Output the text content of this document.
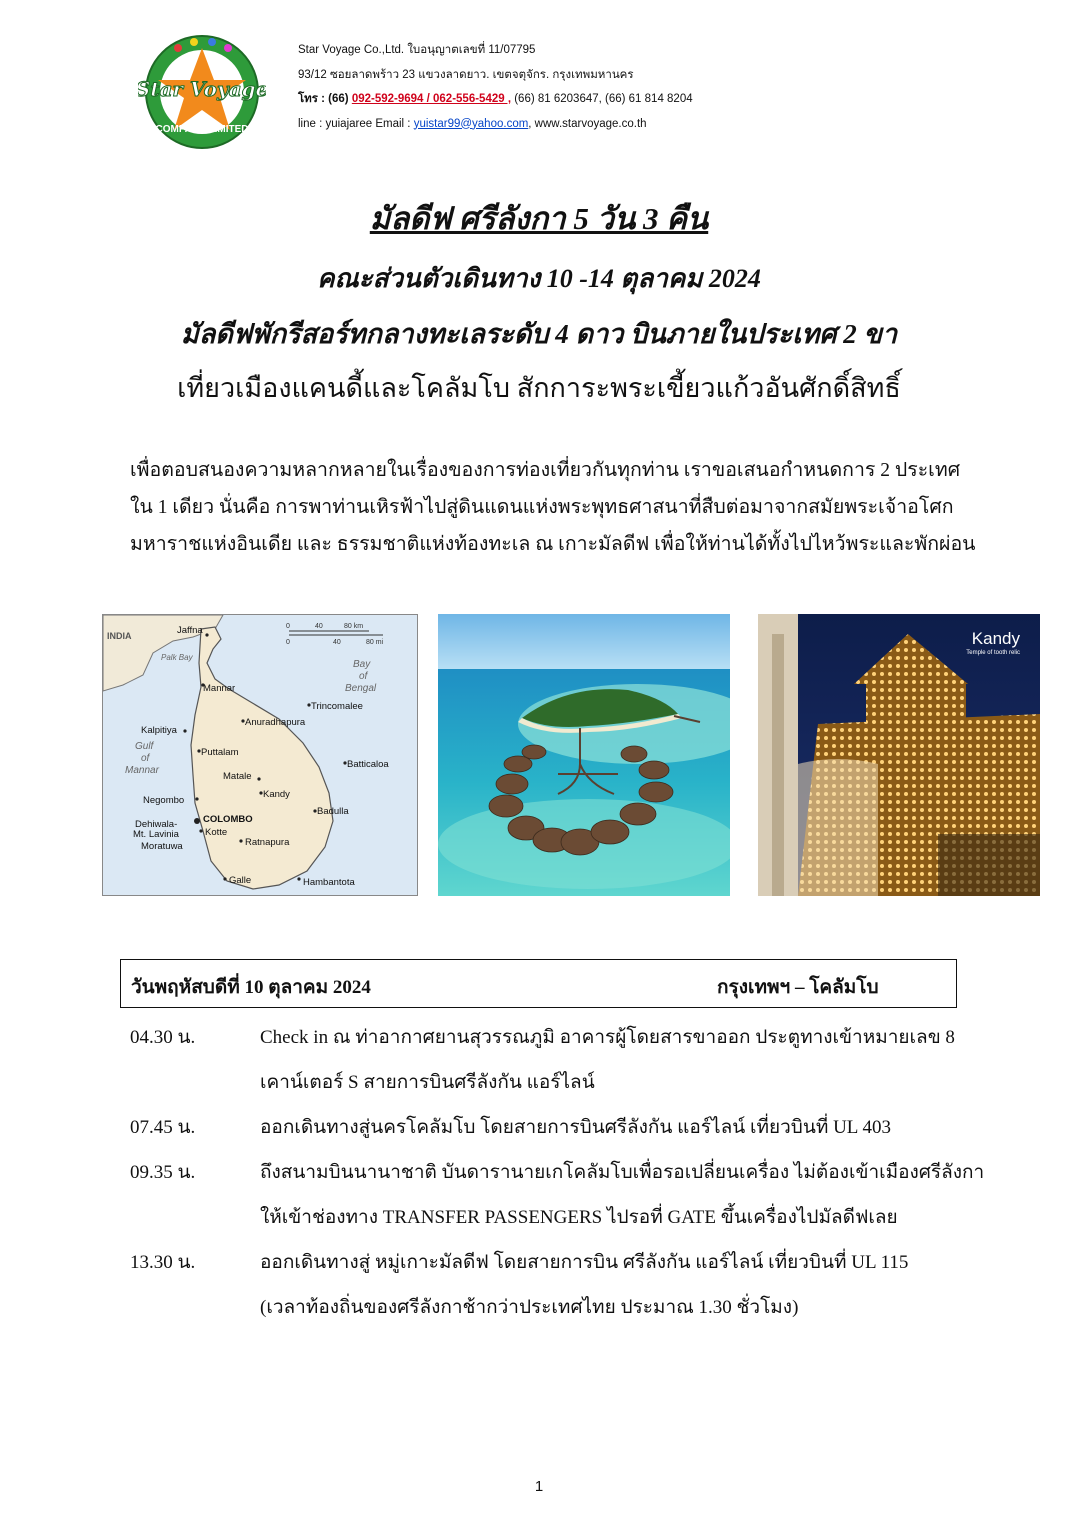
Star Voyage
COMPANY LIMITED
Star Voyage Co.,Ltd. ใบอนุญาตเลขที่ 11/07795
93/12 ซอยลาดพร้าว 23 แขวงลาดยาว. เขตจตุจักร. กรุงเทพมหานคร
โทร : (66) 092-592-9694 / 062-556-5429 , (66) 81 6203647, (66) 61 814 8204
line : yuiajaree Email : yuistar99@yahoo.com, www.starvoyage.co.th
มัลดีฟ ศรีลังกา 5 วัน 3 คืน
คณะส่วนตัวเดินทาง 10 -14 ตุลาคม 2024
มัลดีฟพักรีสอร์ทกลางทะเลระดับ 4 ดาว บินภายในประเทศ 2 ขา
เที่ยวเมืองแคนดี้และโคลัมโบ สักการะพระเขี้ยวแก้วอันศักดิ์สิทธิ์
เพื่อตอบสนองความหลากหลายในเรื่องของการท่องเที่ยวกันทุกท่าน เราขอเสนอกำหนดการ 2 ประเทศ
ใน 1 เดียว นั่นคือ การพาท่านเหิรฟ้าไปสู่ดินแดนแห่งพระพุทธศาสนาที่สืบต่อมาจากสมัยพระเจ้าอโศก
มหาราชแห่งอินเดีย และ ธรรมชาติแห่งท้องทะเล ณ เกาะมัลดีฟ เพื่อให้ท่านได้ทั้งไปไหว้พระและพักผ่อน
0	40	80 km
0	40	80 mi
INDIA
Palk Bay
Bay
of
Bengal
Gulf
of
Mannar
Jaffna
Mannar
Trincomalee
Anuradhapura
Kalpitiya
Puttalam
Batticaloa
Matale
Kandy
Negombo
COLOMBO
Badulla
Dehiwala-
Mt. Lavinia	Kotte
Moratuwa	Ratnapura
Galle	Hambantota
Kandy
Temple of tooth relic
วันพฤหัสบดีที่ 10 ตุลาคม 2024	กรุงเทพฯ – โคลัมโบ
04.30 น.	Check in ณ ท่าอากาศยานสุวรรณภูมิ อาคารผู้โดยสารขาออก ประตูทางเข้าหมายเลข 8
เคาน์เตอร์ S สายการบินศรีลังกัน แอร์ไลน์
07.45 น.	ออกเดินทางสู่นครโคลัมโบ โดยสายการบินศรีลังกัน แอร์ไลน์ เที่ยวบินที่ UL 403
09.35 น.	ถึงสนามบินนานาชาติ บันดารานายเกโคลัมโบเพื่อรอเปลี่ยนเครื่อง ไม่ต้องเข้าเมืองศรีลังกา
ให้เข้าช่องทาง TRANSFER PASSENGERS ไปรอที่ GATE ขึ้นเครื่องไปมัลดีฟเลย
13.30 น.	ออกเดินทางสู่ หมู่เกาะมัลดีฟ โดยสายการบิน ศรีลังกัน แอร์ไลน์ เที่ยวบินที่ UL 115
(เวลาท้องถิ่นของศรีลังกาช้ากว่าประเทศไทย ประมาณ 1.30 ชั่วโมง)
1
